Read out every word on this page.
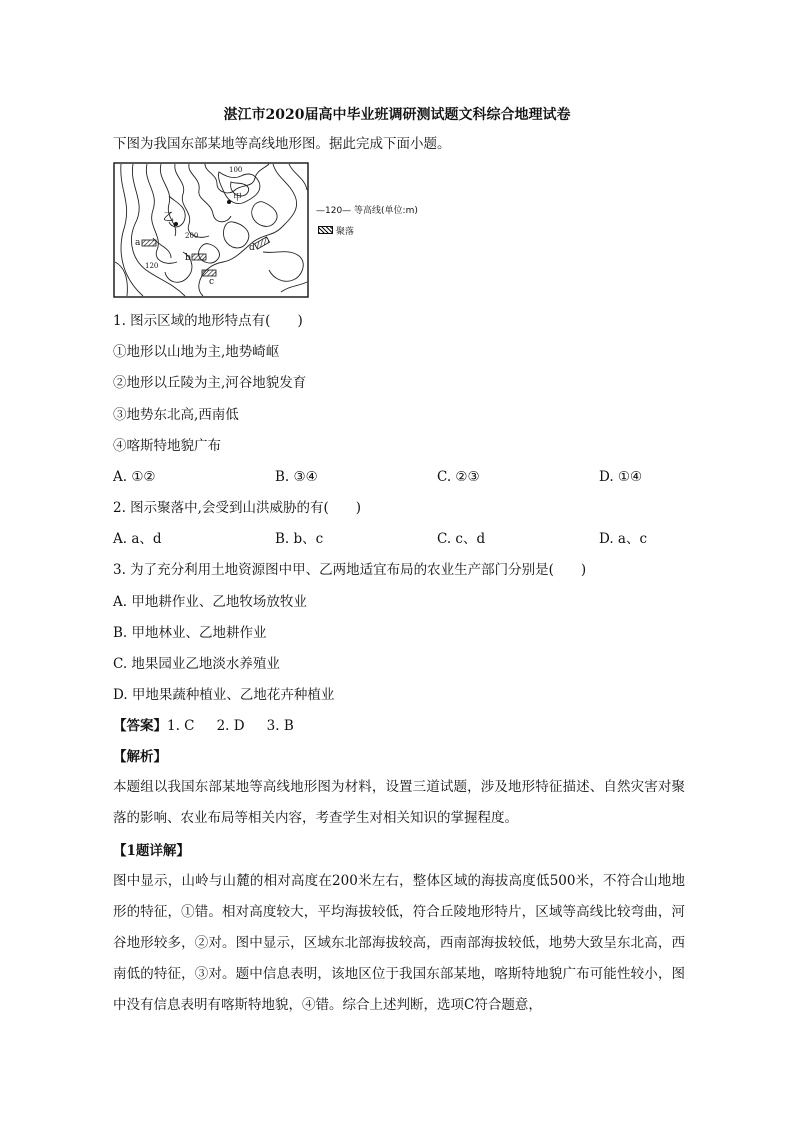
湛江市2020届高中毕业班调研测试题文科综合地理试卷
下图为我国东部某地等高线地形图。据此完成下面小题。
甲
乙
a
b
c
d
100
200
120
—120— 等高线(单位:m)
聚落
1. 图示区域的地形特点有(　　)
①地形以山地为主,地势崎岖
②地形以丘陵为主,河谷地貌发育
③地势东北高,西南低
④喀斯特地貌广布
A. ①②	B. ③④	C. ②③	D. ①④
2. 图示聚落中,会受到山洪威胁的有(　　)
A. a、d	B. b、c	C. c、d	D. a、c
3. 为了充分利用土地资源图中甲、乙两地适宜布局的农业生产部门分别是(　　)
A. 甲地耕作业、乙地牧场放牧业
B. 甲地林业、乙地耕作业
C. 地果园业乙地淡水养殖业
D. 甲地果蔬种植业、乙地花卉种植业
【答案】1. C　  2. D　  3. B
【解析】
本题组以我国东部某地等高线地形图为材料，设置三道试题，涉及地形特征描述、自然灾害对聚落的影响、农业布局等相关内容，考查学生对相关知识的掌握程度。
【1题详解】
图中显示，山岭与山麓的相对高度在200米左右，整体区域的海拔高度低500米，不符合山地地形的特征，①错。相对高度较大，平均海拔较低，符合丘陵地形特片，区域等高线比较弯曲，河谷地形较多，②对。图中显示，区域东北部海拔较高，西南部海拔较低，地势大致呈东北高，西南低的特征，③对。题中信息表明，该地区位于我国东部某地，喀斯特地貌广布可能性较小，图中没有信息表明有喀斯特地貌，④错。综合上述判断，选项C符合题意，
